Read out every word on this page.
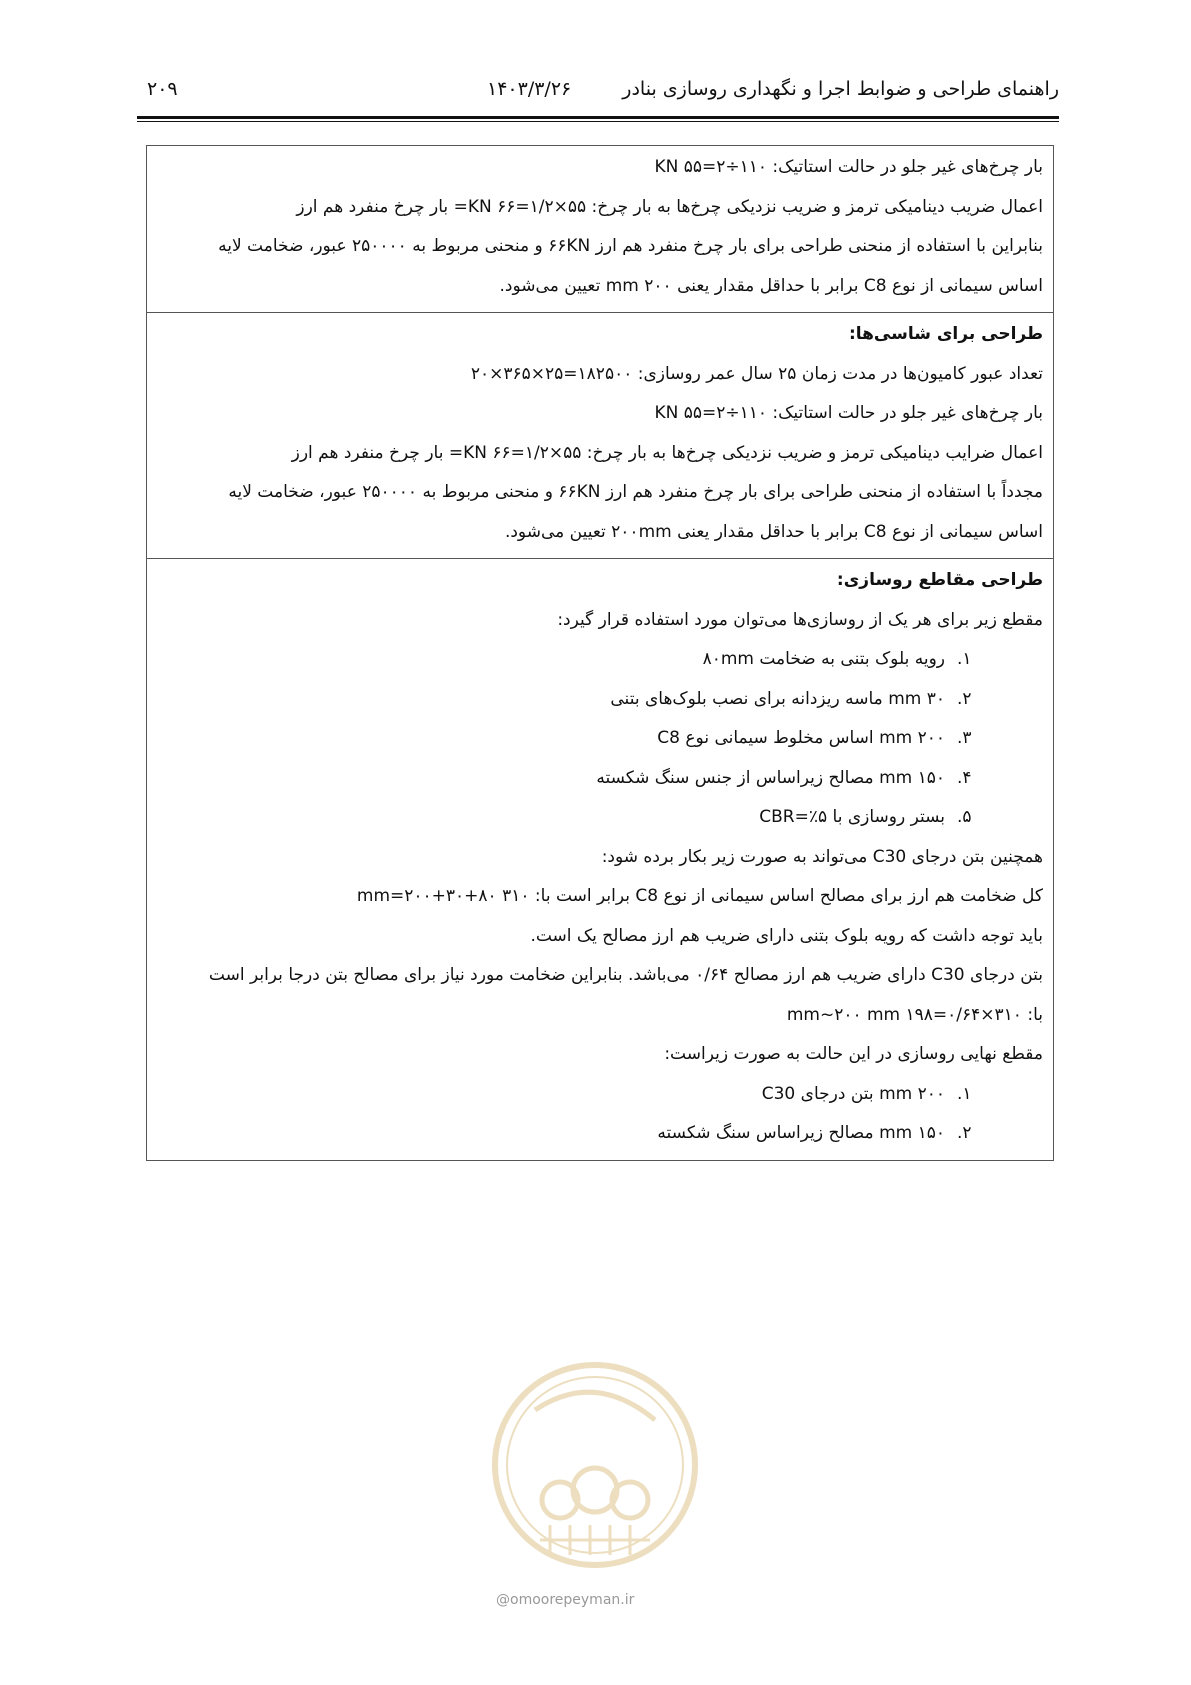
راهنمای طراحی و ضوابط اجرا و نگهداری روسازی بنادر
۱۴۰۳/۳/۲۶
۲۰۹
بار چرخ‌های غیر جلو در حالت استاتیک: KN ۵۵=۲÷۱۱۰
اعمال ضریب دینامیکی ترمز و ضریب نزدیکی چرخ‌ها به بار چرخ: KN ۶۶=۱/۲×۵۵= بار چرخ منفرد هم ارز
بنابراین با استفاده از منحنی طراحی برای بار چرخ منفرد هم ارز ۶۶KN و منحنی مربوط به ۲۵۰۰۰۰ عبور، ضخامت لایه
اساس سیمانی از نوع C8 برابر با حداقل مقدار یعنی ۲۰۰ mm تعیین می‌شود.
طراحی برای شاسی‌ها:
تعداد عبور کامیون‌ها در مدت زمان ۲۵ سال عمر روسازی: ۱۸۲۵۰۰=۲۵×۳۶۵×۲۰
بار چرخ‌های غیر جلو در حالت استاتیک: KN ۵۵=۲÷۱۱۰
اعمال ضرایب دینامیکی ترمز و ضریب نزدیکی چرخ‌ها به بار چرخ: KN ۶۶=۱/۲×۵۵= بار چرخ منفرد هم ارز
مجدداً با استفاده از منحنی طراحی برای بار چرخ منفرد هم ارز ۶۶KN و منحنی مربوط به ۲۵۰۰۰۰ عبور، ضخامت لایه
اساس سیمانی از نوع C8 برابر با حداقل مقدار یعنی ۲۰۰mm تعیین می‌شود.
طراحی مقاطع روسازی:
مقطع زیر برای هر یک از روسازی‌ها می‌توان مورد استفاده قرار گیرد:
۱.
رویه بلوک بتنی به ضخامت ۸۰mm
۲.
۳۰ mm ماسه ریزدانه برای نصب بلوک‌های بتنی
۳.
۲۰۰ mm اساس مخلوط سیمانی نوع C8
۴.
۱۵۰ mm مصالح زیراساس از جنس سنگ شکسته
۵.
بستر روسازی با CBR=٪۵
همچنین بتن درجای C30 می‌تواند به صورت زیر بکار برده شود:
کل ضخامت هم ارز برای مصالح اساس سیمانی از نوع C8 برابر است با: ۳۱۰ mm=۲۰۰+۳۰+۸۰
باید توجه داشت که رویه بلوک بتنی دارای ضریب هم ارز مصالح یک است.
بتن درجای C30 دارای ضریب هم ارز مصالح ۰/۶۴ می‌باشد. بنابراین ضخامت مورد نیاز برای مصالح بتن درجا برابر است
با: ۳۱۰×۰/۶۴=۱۹۸ mm~۲۰۰ mm
مقطع نهایی روسازی در این حالت به صورت زیراست:
۱.
۲۰۰ mm بتن درجای C30
۲.
۱۵۰ mm مصالح زیراساس سنگ شکسته
@omoorepeyman.ir
